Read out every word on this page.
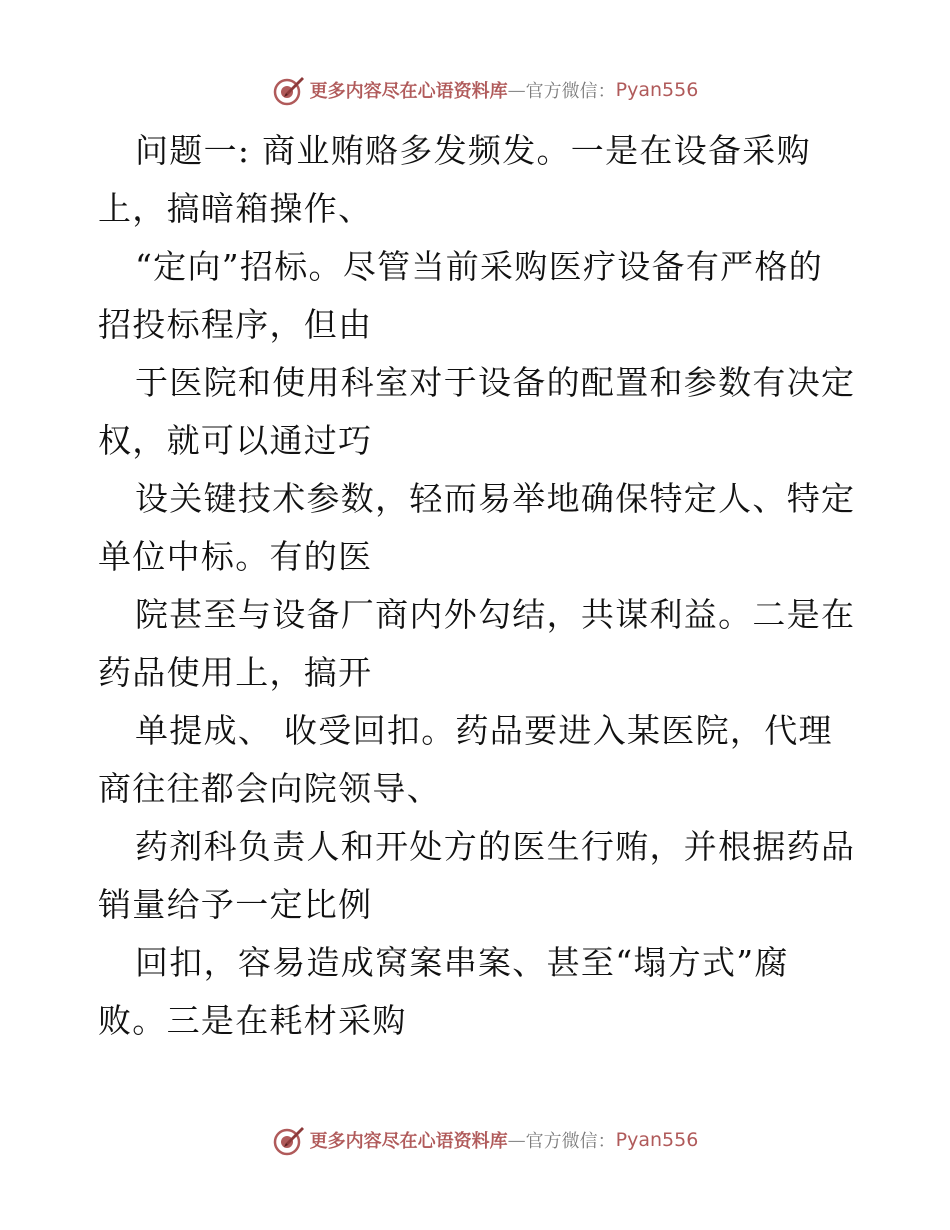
更多内容尽在心语资料库 — 官方微信： Pyan556
问题一: 商业贿赂多发频发。一是在设备采购
上，搞暗箱操作、
“定向”招标。尽管当前采购医疗设备有严格的
招投标程序，但由
于医院和使用科室对于设备的配置和参数有决定
权，就可以通过巧
设关键技术参数，轻而易举地确保特定人、特定
单位中标。有的医
院甚至与设备厂商内外勾结，共谋利益。二是在
药品使用上，搞开
单提成、 收受回扣。药品要进入某医院，代理
商往往都会向院领导、
药剂科负责人和开处方的医生行贿，并根据药品
销量给予一定比例
回扣，容易造成窝案串案、甚至“塌方式”腐
败。三是在耗材采购
更多内容尽在心语资料库 — 官方微信： Pyan556
